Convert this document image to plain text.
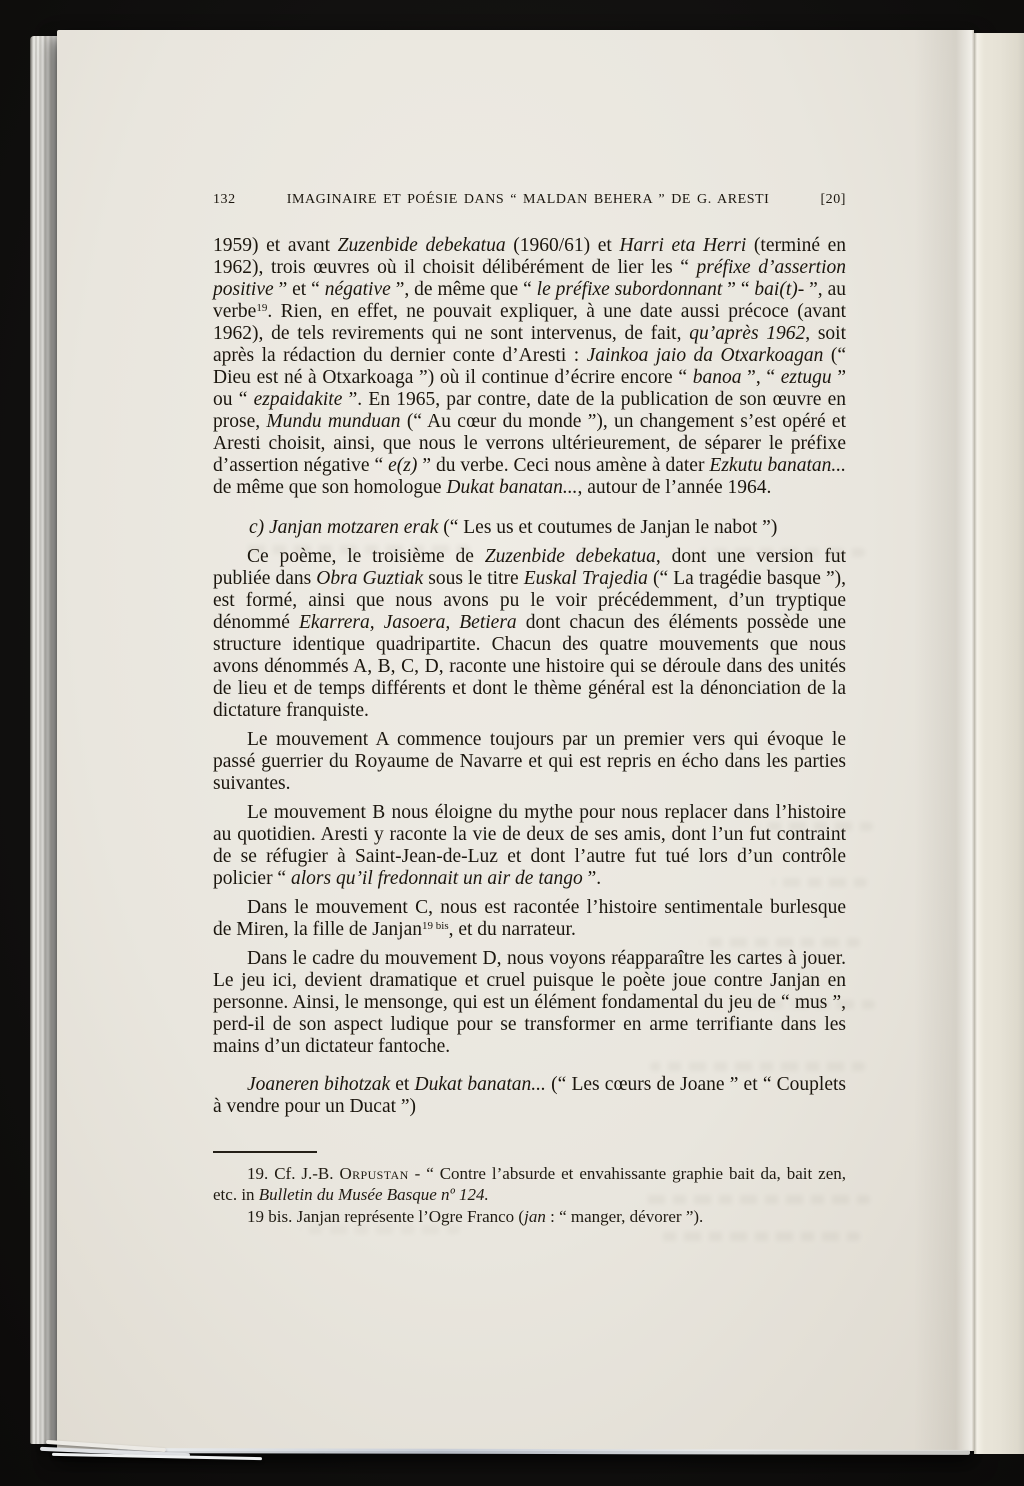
132	IMAGINAIRE ET POÉSIE DANS “ MALDAN BEHERA ” DE G. ARESTI	[20]

1959) et avant Zuzenbide debekatua (1960/61) et Harri eta Herri (terminé en 1962), trois œuvres où il choisit délibérément de lier les “ préfixe d’assertion positive ” et “ négative ”, de même que “ le préfixe subordonnant ” “ bai(t)- ”, au verbe$^{19}$. Rien, en effet, ne pouvait expliquer, à une date aussi précoce (avant 1962), de tels revirements qui ne sont intervenus, de fait, qu’après 1962, soit après la rédaction du dernier conte d’Aresti : Jainkoa jaio da Otxarkoagan (“ Dieu est né à Otxarkoaga ”) où il continue d’écrire encore “ banoa ”, “ eztugu ” ou “ ezpaidakite ”. En 1965, par contre, date de la publication de son œuvre en prose, Mundu munduan (“ Au cœur du monde ”), un changement s’est opéré et Aresti choisit, ainsi, que nous le verrons ultérieurement, de séparer le préfixe d’assertion négative “ e(z) ” du verbe. Ceci nous amène à dater Ezkutu banatan... de même que son homologue Dukat banatan..., autour de l’année 1964.

c) Janjan motzaren erak (“ Les us et coutumes de Janjan le nabot ”)

Ce poème, le troisième de Zuzenbide debekatua, dont une version fut publiée dans Obra Guztiak sous le titre Euskal Trajedia (“ La tragédie basque ”), est formé, ainsi que nous avons pu le voir précédemment, d’un tryptique dénommé Ekarrera, Jasoera, Betiera dont chacun des éléments possède une structure identique quadripartite. Chacun des quatre mouvements que nous avons dénommés A, B, C, D, raconte une histoire qui se déroule dans des unités de lieu et de temps différents et dont le thème général est la dénonciation de la dictature franquiste.

Le mouvement A commence toujours par un premier vers qui évoque le passé guerrier du Royaume de Navarre et qui est repris en écho dans les parties suivantes.

Le mouvement B nous éloigne du mythe pour nous replacer dans l’histoire au quotidien. Aresti y raconte la vie de deux de ses amis, dont l’un fut contraint de se réfugier à Saint-Jean-de-Luz et dont l’autre fut tué lors d’un contrôle policier “ alors qu’il fredonnait un air de tango ”.

Dans le mouvement C, nous est racontée l’histoire sentimentale burlesque de Miren, la fille de Janjan$^{19 bis}$, et du narrateur.

Dans le cadre du mouvement D, nous voyons réapparaître les cartes à jouer. Le jeu ici, devient dramatique et cruel puisque le poète joue contre Janjan en personne. Ainsi, le mensonge, qui est un élément fondamental du jeu de “ mus ”, perd-il de son aspect ludique pour se transformer en arme terrifiante dans les mains d’un dictateur fantoche.

Joaneren bihotzak et Dukat banatan... (“ Les cœurs de Joane ” et “ Couplets à vendre pour un Ducat ”)

19. Cf. J.-B. Orpustan - “ Contre l’absurde et envahissante graphie bait da, bait zen, etc. in Bulletin du Musée Basque nº 124.

19 bis. Janjan représente l’Ogre Franco (jan : “ manger, dévorer ”).
